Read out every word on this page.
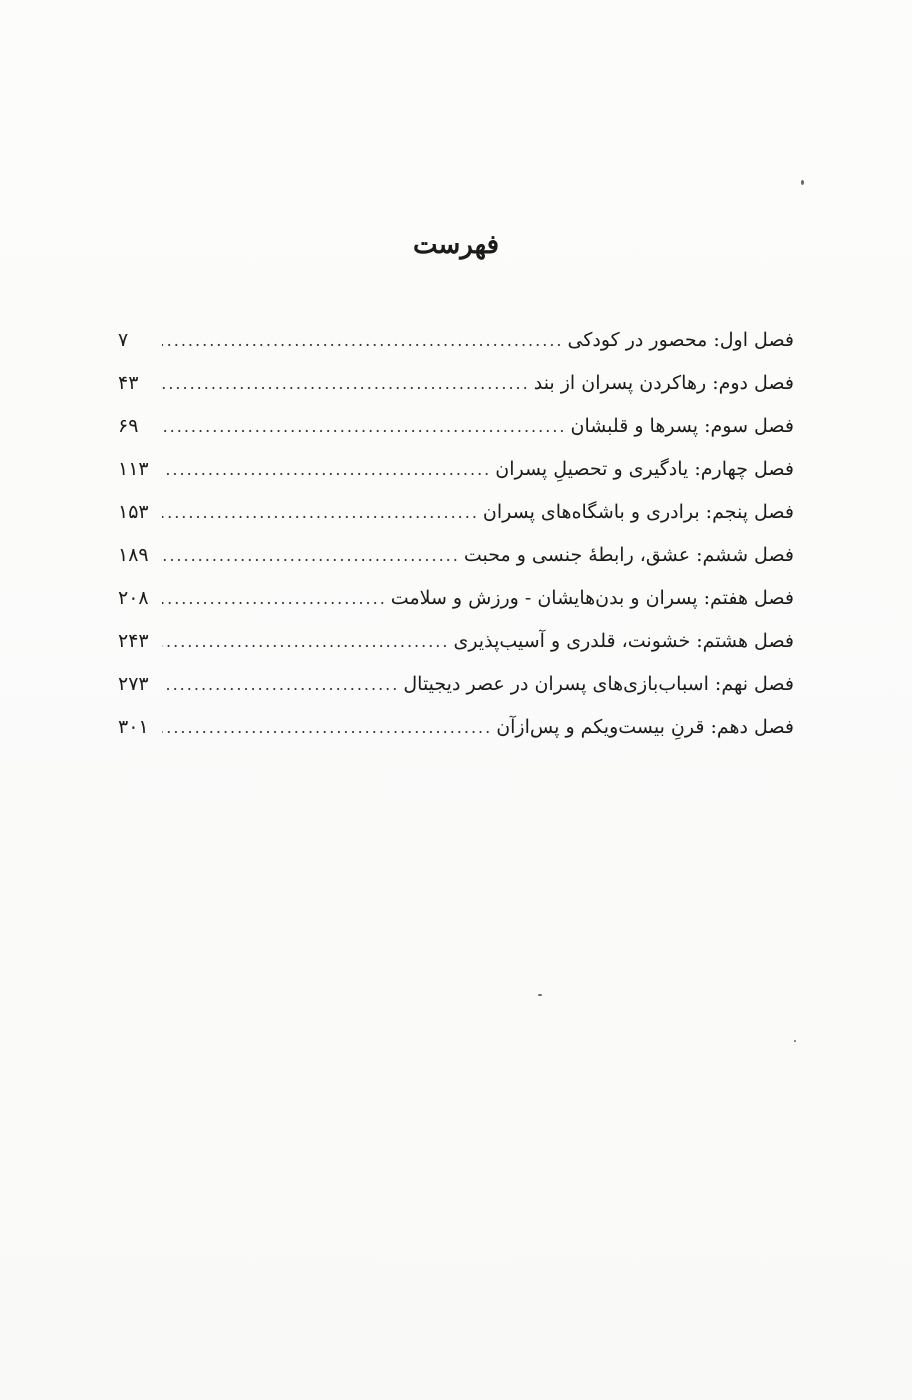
فهرست
فصل اول: محصور در کودکی
.....
۷
فصل دوم: رهاکردن پسران از بند
.....
۴۳
فصل سوم: پسرها و قلبشان
.....
۶۹
فصل چهارم: یادگیری و تحصیلِ پسران
.....
۱۱۳
فصل پنجم: برادری و باشگاه‌های پسران
.....
۱۵۳
فصل ششم: عشق، رابطهٔ جنسی و محبت
.....
۱۸۹
فصل هفتم: پسران و بدن‌هایشان - ورزش و سلامت
.....
۲۰۸
فصل هشتم: خشونت، قلدری و آسیب‌پذیری
.....
۲۴۳
فصل نهم: اسباب‌بازی‌های پسران در عصر دیجیتال
.....
۲۷۳
فصل دهم: قرنِ بیست‌ویکم و پس‌ازآن
.....
۳۰۱
